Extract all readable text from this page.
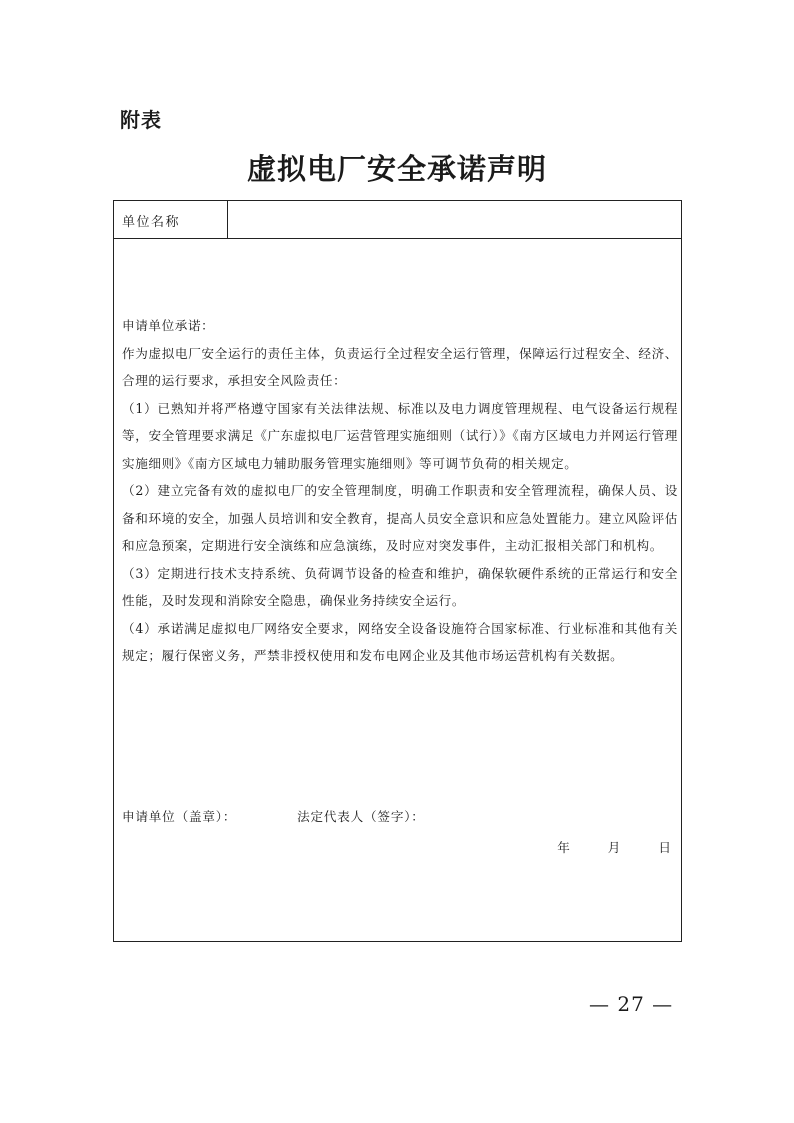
附表
虚拟电厂安全承诺声明
单位名称

申请单位承诺：

作为虚拟电厂安全运行的责任主体，负责运行全过程安全运行管理，保障运行过程安全、经济、合理的运行要求，承担安全风险责任：

（1）已熟知并将严格遵守国家有关法律法规、标准以及电力调度管理规程、电气设备运行规程等，安全管理要求满足《广东虚拟电厂运营管理实施细则（试行）》《南方区域电力并网运行管理实施细则》《南方区域电力辅助服务管理实施细则》等可调节负荷的相关规定。

（2）建立完备有效的虚拟电厂的安全管理制度，明确工作职责和安全管理流程，确保人员、设备和环境的安全，加强人员培训和安全教育，提高人员安全意识和应急处置能力。建立风险评估和应急预案，定期进行安全演练和应急演练，及时应对突发事件，主动汇报相关部门和机构。

（3）定期进行技术支持系统、负荷调节设备的检查和维护，确保软硬件系统的正常运行和安全性能，及时发现和消除安全隐患，确保业务持续安全运行。

（4）承诺满足虚拟电厂网络安全要求，网络安全设备设施符合国家标准、行业标准和其他有关规定；履行保密义务，严禁非授权使用和发布电网企业及其他市场运营机构有关数据。

申请单位（盖章）：	法定代表人（签字）：
年	月	日
— 27 —
